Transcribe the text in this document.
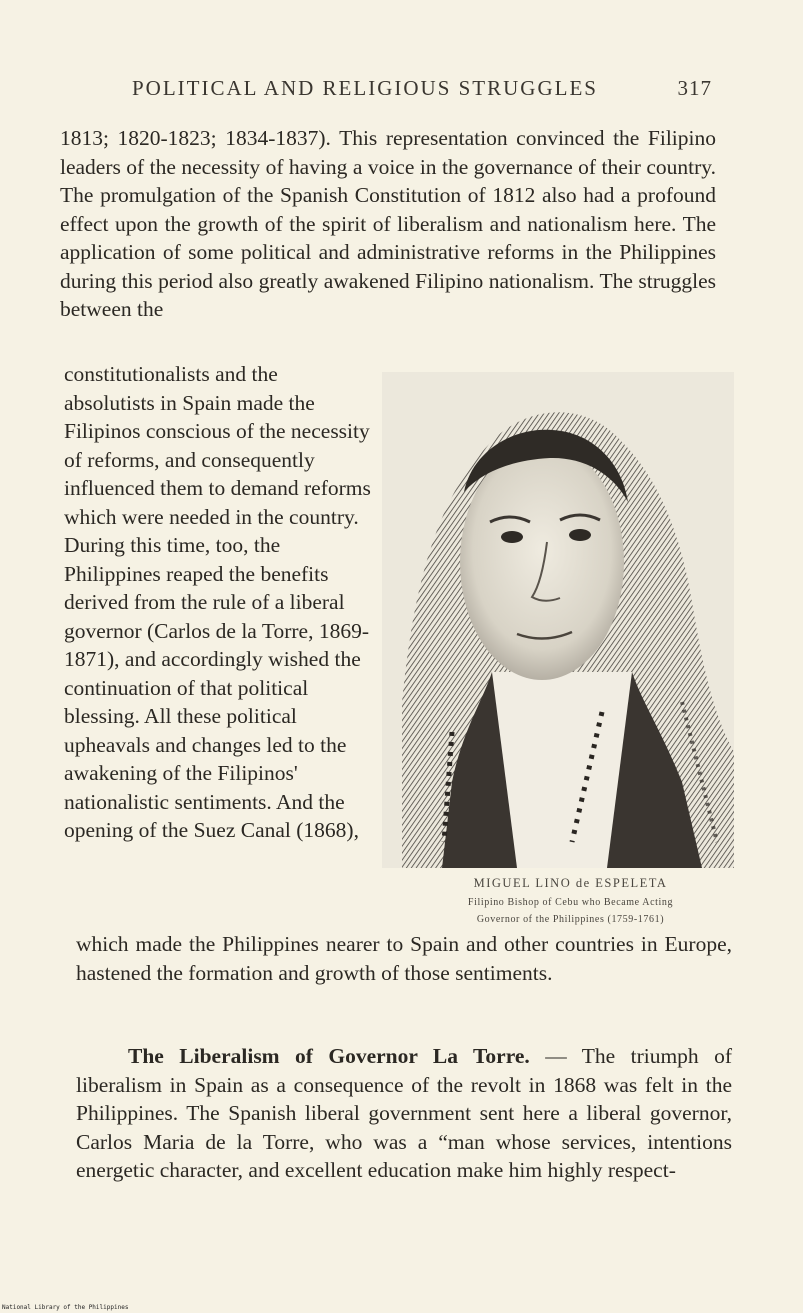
POLITICAL AND RELIGIOUS STRUGGLES	317

1813; 1820-1823; 1834-1837). This representation convinced the Filipino leaders of the necessity of having a voice in the governance of their country. The promulgation of the Spanish Constitution of 1812 also had a profound effect upon the growth of the spirit of liberalism and nationalism here. The application of some political and administrative reforms in the Philippines during this period also greatly awakened Filipino nationalism. The struggles between the

constitutionalists and the absolutists in Spain made the Filipinos conscious of the necessity of reforms, and consequently influenced them to demand reforms which were needed in the country. During this time, too, the Philippines reaped the benefits derived from the rule of a liberal governor (Carlos de la Torre, 1869-1871), and accordingly wished the continuation of that political blessing. All these political upheavals and changes led to the awakening of the Filipinos' nationalistic sentiments. And the opening of the Suez Canal (1868),

MIGUEL LINO de ESPELETA
Filipino Bishop of Cebu who Became Acting
Governor of the Philippines (1759-1761)

which made the Philippines nearer to Spain and other countries in Europe, hastened the formation and growth of those sentiments.

The Liberalism of Governor La Torre. — The triumph of liberalism in Spain as a consequence of the revolt in 1868 was felt in the Philippines. The Spanish liberal government sent here a liberal governor, Carlos Maria de la Torre, who was a “man whose services, intentions energetic character, and excellent education make him highly respect-

National Library of the Philippines
